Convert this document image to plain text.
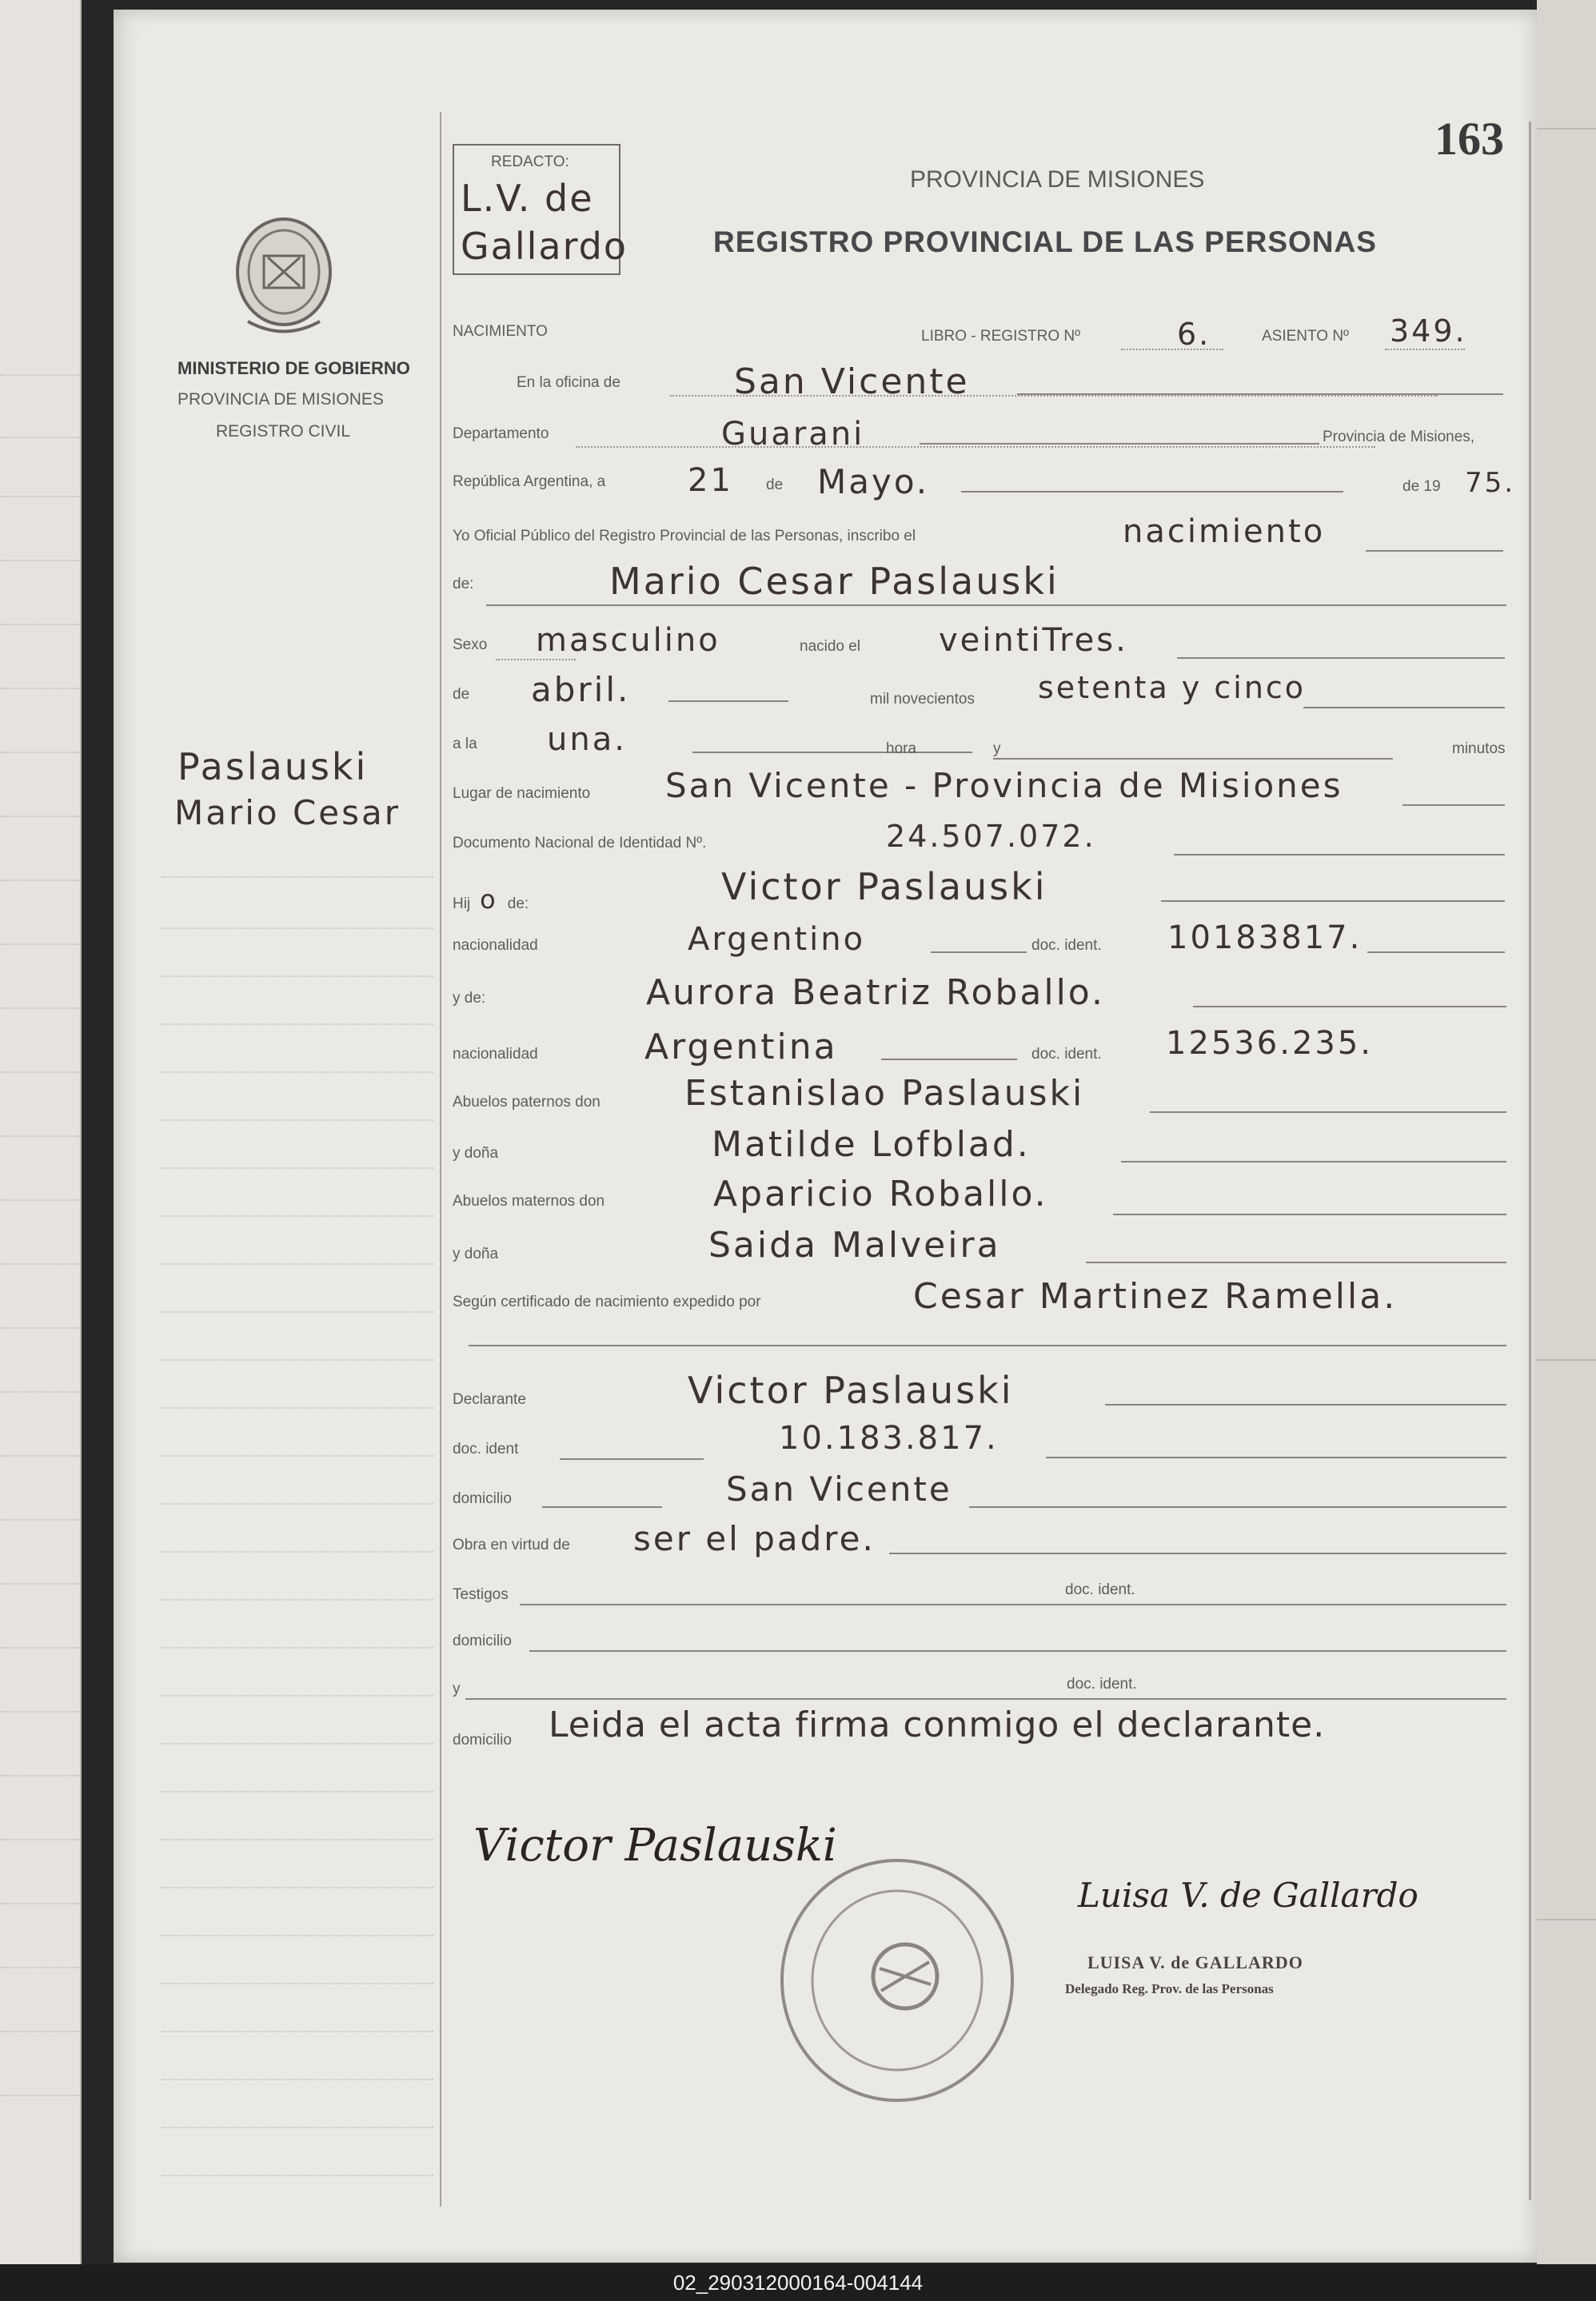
163
REDACTO:
L.V. de Gallardo
PROVINCIA DE MISIONES
REGISTRO PROVINCIAL DE LAS PERSONAS
MINISTERIO DE GOBIERNO
PROVINCIA DE MISIONES
REGISTRO CIVIL
Paslauski
Mario Cesar
NACIMIENTO	LIBRO - REGISTRO Nº	6.	ASIENTO Nº 349.
En la oficina de	San Vicente
Departamento	Guarani	Provincia de Misiones,
República Argentina, a	21 de Mayo.	de 19 75.
Yo Oficial Público del Registro Provincial de las Personas, inscribo el	nacimiento
de:	Mario Cesar Paslauski
Sexo masculino	nacido el veintiTres.
de abril.	mil novecientos setenta y cinco
a la una.	hora	y	minutos
Lugar de nacimiento San Vicente - Provincia de Misiones
Documento Nacional de Identidad Nº.	24.507.072.
Hij o de:	Victor Paslauski
nacionalidad	Argentino	doc. ident. 10183817.
y de:	Aurora Beatriz Roballo.
nacionalidad	Argentina	doc. ident. 12536.235.
Abuelos paternos don Estanislao Paslauski
y doña	Matilde Lofblad.
Abuelos maternos don	Aparicio Roballo.
y doña	Saida Malveira
Según certificado de nacimiento expedido por	Cesar Martinez Ramella.
Declarante	Victor Paslauski
doc. ident	10.183.817.
domicilio	San Vicente
Obra en virtud de ser el padre.
Testigos	doc. ident.
domicilio
y	doc. ident.
domicilio Leida el acta firma conmigo el declarante.
Victor Paslauski
Luisa V. de Gallardo
LUISA V. de GALLARDO
Delegado Reg. Prov. de las Personas
02_290312000164-004144
